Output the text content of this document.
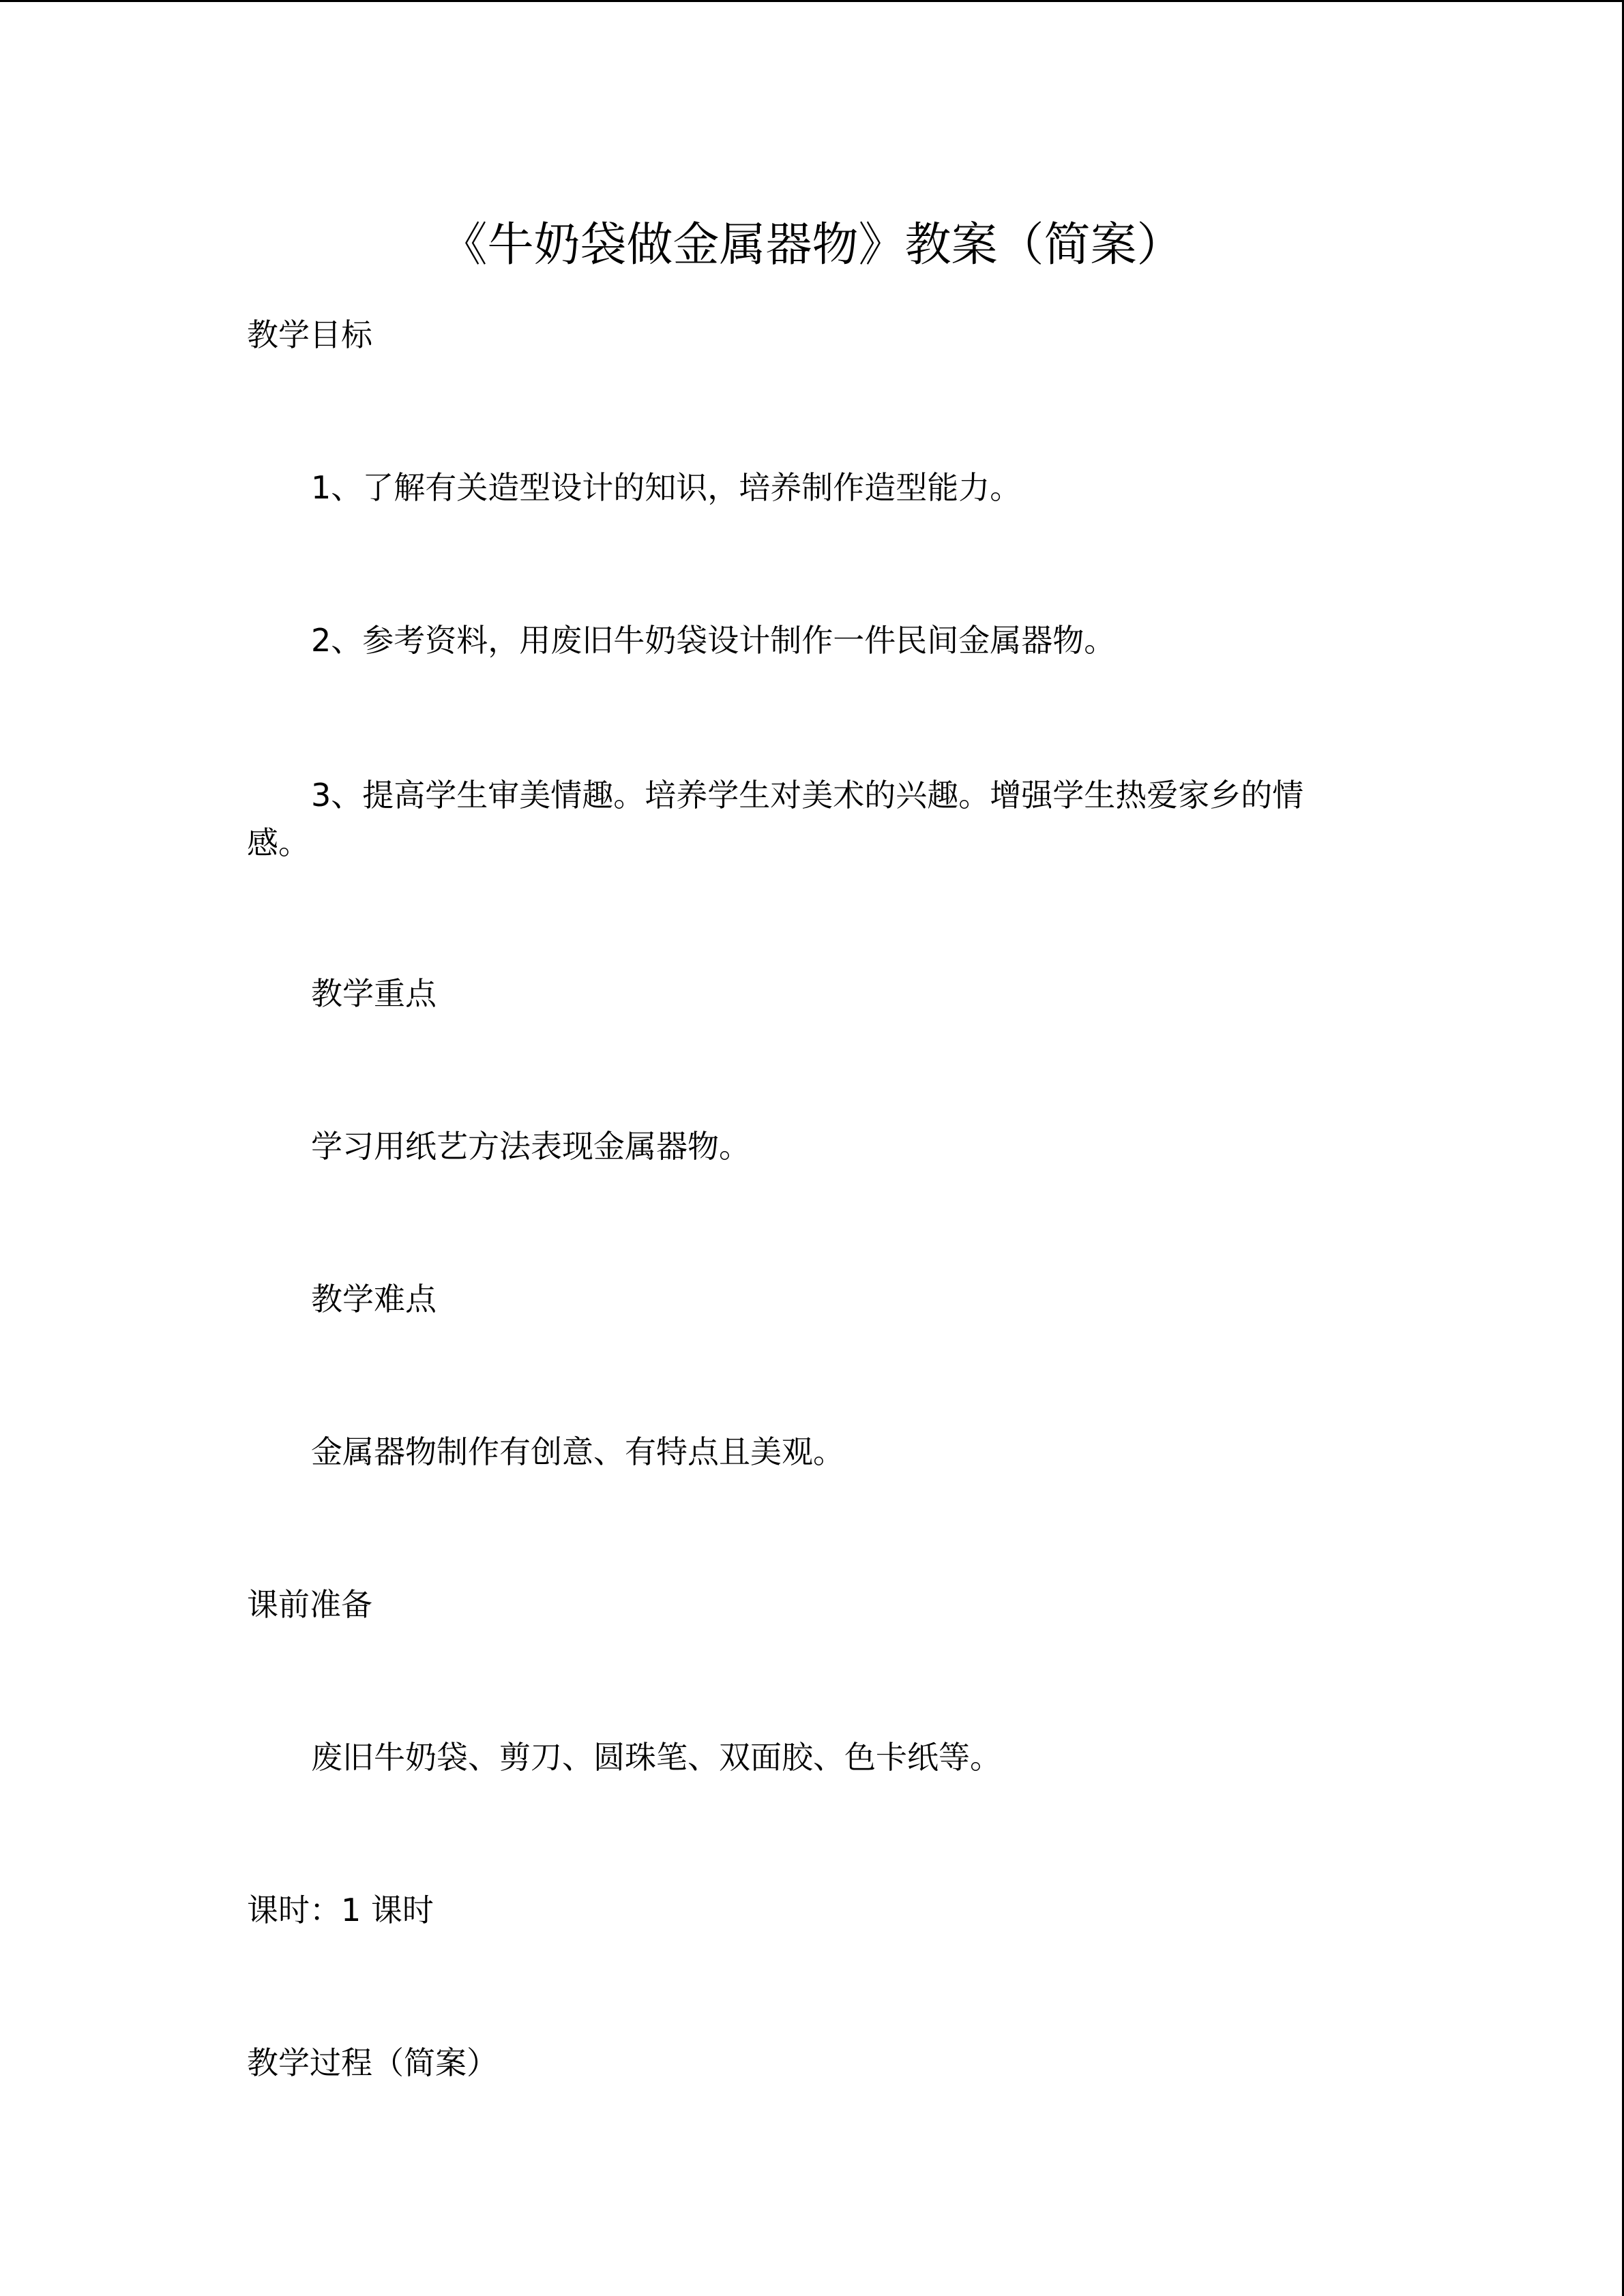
《牛奶袋做金属器物》教案（简案）
教学目标
1、了解有关造型设计的知识，培养制作造型能力。
2、参考资料，用废旧牛奶袋设计制作一件民间金属器物。
3、提高学生审美情趣。培养学生对美术的兴趣。增强学生热爱家乡的情感。
教学重点
学习用纸艺方法表现金属器物。
教学难点
金属器物制作有创意、有特点且美观。
课前准备
废旧牛奶袋、剪刀、圆珠笔、双面胶、色卡纸等。
课时：1 课时
教学过程（简案）
